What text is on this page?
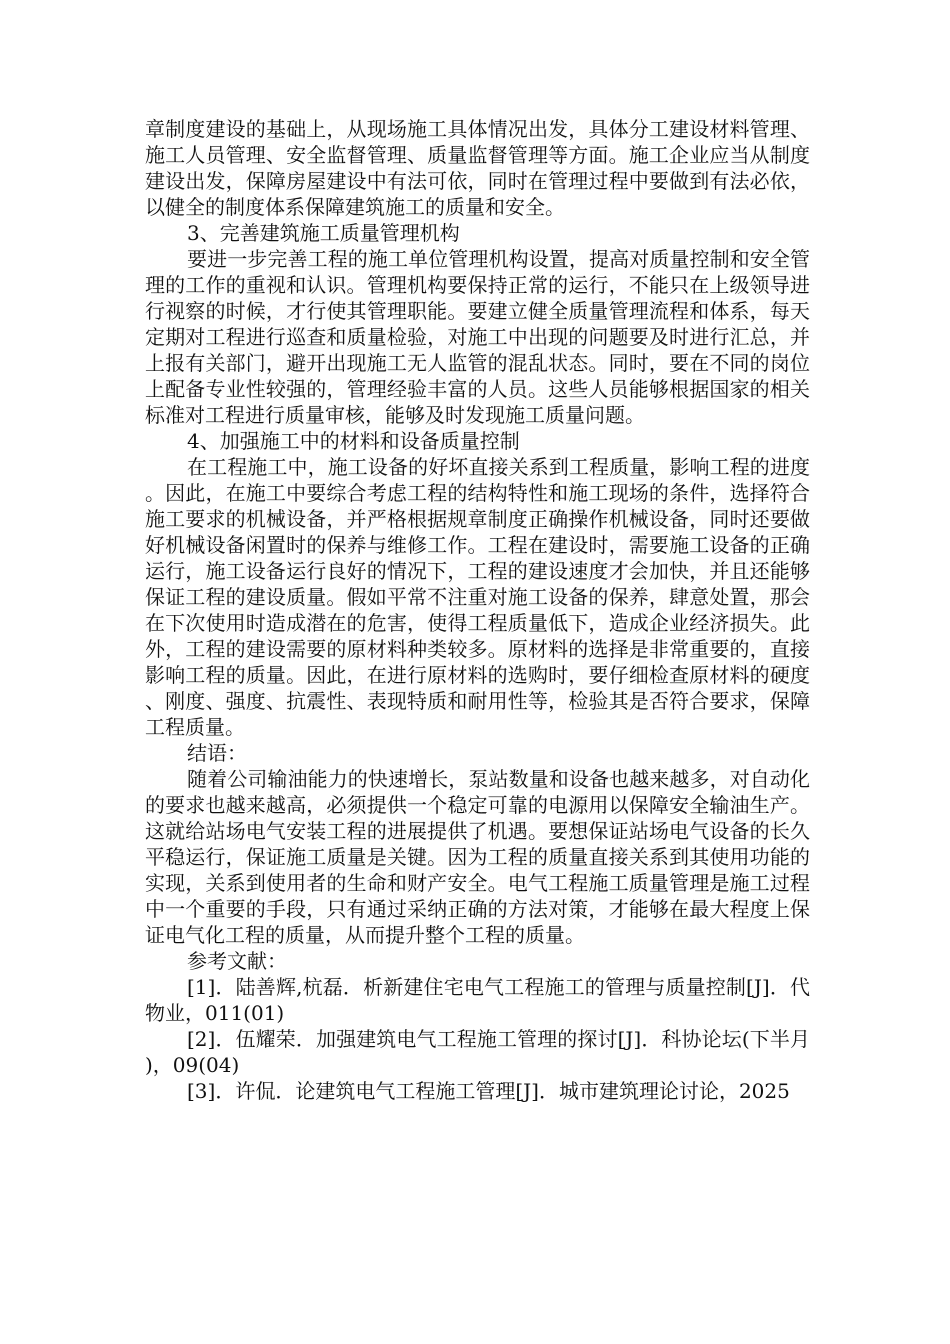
章制度建设的基础上，从现场施工具体情况出发，具体分工建设材料管理、施工人员管理、安全监督管理、质量监督管理等方面。施工企业应当从制度建设出发，保障房屋建设中有法可依，同时在管理过程中要做到有法必依，以健全的制度体系保障建筑施工的质量和安全。

3、完善建筑施工质量管理机构

要进一步完善工程的施工单位管理机构设置，提高对质量控制和安全管理的工作的重视和认识。管理机构要保持正常的运行，不能只在上级领导进行视察的时候，才行使其管理职能。要建立健全质量管理流程和体系，每天定期对工程进行巡查和质量检验，对施工中出现的问题要及时进行汇总，并上报有关部门，避开出现施工无人监管的混乱状态。同时，要在不同的岗位上配备专业性较强的，管理经验丰富的人员。这些人员能够根据国家的相关标准对工程进行质量审核，能够及时发现施工质量问题。

4、加强施工中的材料和设备质量控制

在工程施工中，施工设备的好坏直接关系到工程质量，影响工程的进度。因此，在施工中要综合考虑工程的结构特性和施工现场的条件，选择符合施工要求的机械设备，并严格根据规章制度正确操作机械设备，同时还要做好机械设备闲置时的保养与维修工作。工程在建设时，需要施工设备的正确运行，施工设备运行良好的情况下，工程的建设速度才会加快，并且还能够保证工程的建设质量。假如平常不注重对施工设备的保养，肆意处置，那会在下次使用时造成潜在的危害，使得工程质量低下，造成企业经济损失。此外，工程的建设需要的原材料种类较多。原材料的选择是非常重要的，直接影响工程的质量。因此，在进行原材料的选购时，要仔细检查原材料的硬度、刚度、强度、抗震性、表现特质和耐用性等，检验其是否符合要求，保障工程质量。

结语：

随着公司输油能力的快速增长，泵站数量和设备也越来越多，对自动化的要求也越来越高，必须提供一个稳定可靠的电源用以保障安全输油生产。这就给站场电气安装工程的进展提供了机遇。要想保证站场电气设备的长久平稳运行，保证施工质量是关键。因为工程的质量直接关系到其使用功能的实现，关系到使用者的生命和财产安全。电气工程施工质量管理是施工过程中一个重要的手段，只有通过采纳正确的方法对策，才能够在最大程度上保证电气化工程的质量，从而提升整个工程的质量。

参考文献：

[1]．陆善辉,杭磊．析新建住宅电气工程施工的管理与质量控制[J]．代物业，011(01)

[2]．伍耀荣．加强建筑电气工程施工管理的探讨[J]．科协论坛(下半月)，09(04)

[3]．许侃．论建筑电气工程施工管理[J]．城市建筑理论讨论，2025
